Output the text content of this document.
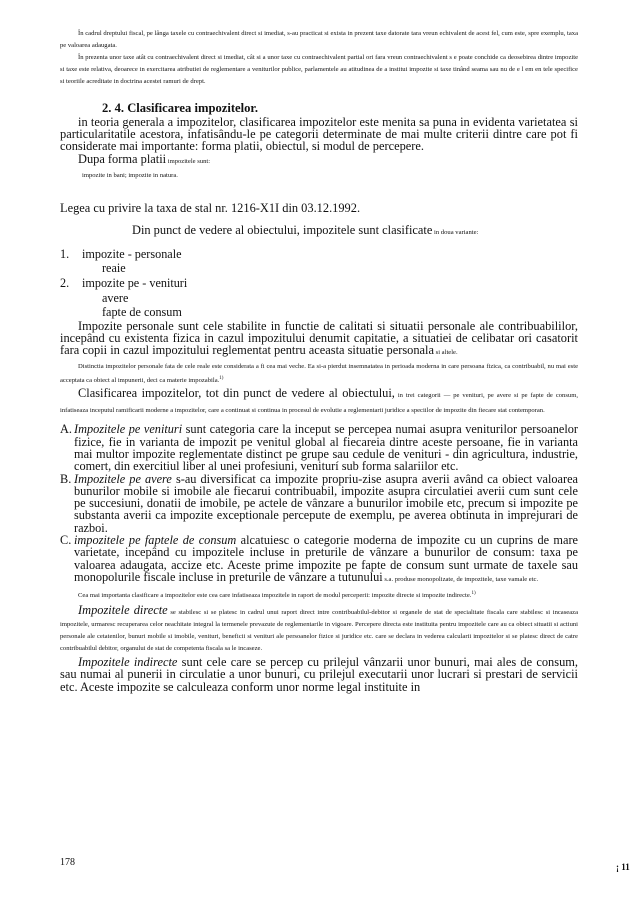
În cadrul dreptului fiscal, pe lânga taxele cu contraechivalent direct si imediat, s-au practicat si exista in prezent taxe datorate tara vreun echivalent de acest fel, cum este, spre exemplu, taxa pe valoarea adaugata.

În prezenta unor taxe atât cu contraechivalent direct si imediat, cât si a unor taxe cu contraechivalent partial ori fara vreun contraechivalent s e poate conchide ca deosebirea dintre impozite si taxe este relativa, deoarece in exercitarea atributiei de reglementare a veniturilor publice, parlamentele au atitudinea de a institui impozite si taxe tinând seama sau nu de e l em en tele specifice si teoriile acreditate in doctrina acestei ramuri de drept.

2. 4. Clasificarea impozitelor.

in teoria generala a impozitelor, clasificarea impozitelor este menita sa puna in evidenta varietatea si particularitatile acestora, infatisându-le pe categorii determinate de mai multe criterii dintre care pot fi considerate mai importante: forma platii, obiectul, si modul de percepere.

Dupa forma platii impozitele sunt:

impozite in bani; impozite in natura.

Legea cu privire la taxa de stal nr. 1216-X1I din 03.12.1992.

Din punct de vedere al obiectului, impozitele sunt clasificate in doua variante:

1.	impozite - personale
reaie
2.	impozite pe - venituri
avere
fapte de consum

Impozite personale sunt cele stabilite in functie de calitati si situatii personale ale contribuabililor, incepând cu existenta fizica in cazul impozitului denumit capitatie, a situatiei de celibatar ori casatorit fara copii in cazul impozitului reglementat pentru aceasta situatie personala si altele.

Distinctia impozitelor personale fata de cele reale este considerata a fi cea mai veche. Ea si-a pierdut insemnatatea in perioada moderna in care persoana fizica, ca contribuabil, nu mai este acceptata ca obiect al impunerii, deci ca materie impozabila.$^{1)}$

Clasificarea impozitelor, tot din punct de vedere al obiectului, in trei categorii — pe venituri, pe avere si pe fapte de consum, infatiseaza inceputul ramificarii moderne a impozitelor, care a continuat si continua in procesul de evolutie a reglementarii juridice a speciilor de impozite din fiecare stat contemporan.

A. Impozitele pe venituri sunt categoria care la inceput se percepea numai asupra veniturilor persoanelor fizice, fie in varianta de impozit pe venitul global al fiecareia dintre aceste persoane, fie in varianta mai multor impozite reglementate distinct pe grupe sau cedule de venituri - din agricultura, industrie, comert, din exercitiul liber al unei profesiuni, veniturí sub forma salariilor etc.

B. Impozitele pe avere s-au diversificat ca impozite propriu-zise asupra averii având ca obiect valoarea bunurilor mobile si imobile ale fiecarui contribuabil, impozite asupra circulatiei averii cum sunt cele pe succesiuni, donatii de imobile, pe actele de vânzare a bunurilor imobile etc, precum si impozite pe substanta averii ca impozite exceptionale percepute de exemplu, pe averea obtinuta in imprejurari de razboi.

C. impozitele pe faptele de consum alcatuiesc o categorie moderna de impozite cu un cuprins de mare varietate, incepând cu impozitele incluse in preturile de vânzare a bunurilor de consum: taxa pe valoarea adaugata, accize etc. Aceste prime impozite pe fapte de consum sunt urmate de taxele sau monopolurile fiscale incluse in preturile de vânzare a tutunului s.a. produse monopolizate, de impozitele, taxe vamale etc.

Cea mai importanta clasificare a impozitelor este cea care infatiseaza impozitele in raport de modul perceperii: impozite directe si impozite indirecte.$^{1)}$

Impozitele directe se stabilesc si se platesc in cadrul unui raport direct intre contribuabilul-debitor si organele de stat de specialitate fiscala care stabilesc si incaseaza impozitele, urmaresc recuperarea celor neachitate integral la termenele prevazute de reglementarile in vigoare. Percepere directa este instituita pentru impozitele care au ca obiect situatii si actiuni personale ale cetatenilor, bunuri mobile si imobile, venituri, beneficii si venituri ale persoanelor fizice si juridice etc. care se declara in vederea calcularii impozitelor si se platesc direct de catre contribuabilul debitor, organului de stat de competenta fiscala sa le incaseze.

Impozitele indirecte sunt cele care se percep cu prilejul vânzarii unor bunuri, mai ales de consum, sau numai al punerii in circulatie a unor bunuri, cu prilejul executarii unor lucrari si prestari de servicii etc. Aceste impozite se calculeaza conform unor norme legal instituite in

178	¡ 11
